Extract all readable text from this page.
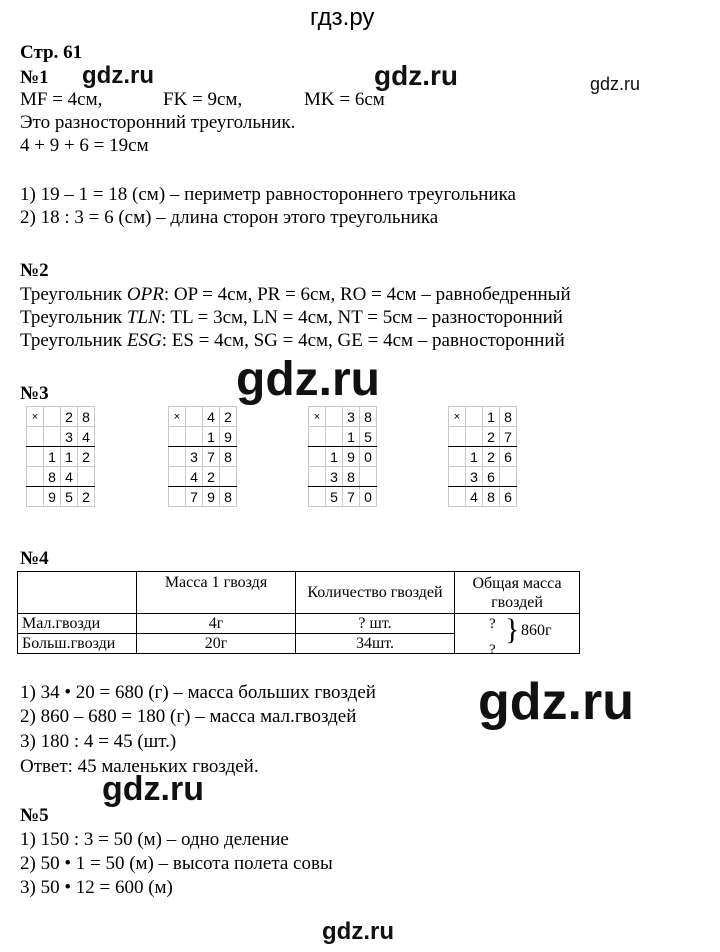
гдз.ру
Стр. 61
№1
MF = 4см,	FK = 9см,	MK = 6см
Это разносторонний треугольник.
4 + 9 + 6 = 19см
1) 19 – 1 = 18 (см) – периметр равностороннего треугольника
2) 18 : 3 = 6 (см) – длина сторон этого треугольника
№2
Треугольник OPR: OP = 4см, PR = 6см, RO = 4см – равнобедренный
Треугольник TLN: TL = 3см, LN = 4см, NT = 5см – разносторонний
Треугольник ESG: ES = 4см, SG = 4см, GE = 4см – равносторонний
№3
×		2	8
		3	4
	1	1	2
	8	4	
	9	5	2
×		4	2
		1	9
	3	7	8
	4	2	
	7	9	8
×		3	8
		1	5
	1	9	0
	3	8	
	5	7	0
×		1	8
		2	7
	1	2	6
	3	6	
	4	8	6
№4
	Масса 1 гвоздя	Количество гвоздей	Общая масса гвоздей
Мал.гвозди	4г	? шт.	? } 860г
?

Больш.гвозди	20г	34шт.	
1) 34 • 20 = 680 (г) – масса больших гвоздей
2) 860 – 680 = 180 (г) – масса мал.гвоздей
3) 180 : 4 = 45 (шт.)
Ответ: 45 маленьких гвоздей.
№5
1) 150 : 3 = 50 (м) – одно деление
2) 50 • 1 = 50 (м) – высота полета совы
3) 50 • 12 = 600 (м)
gdz.ru	gdz.ru	gdz.ru
gdz.ru
gdz.ru
gdz.ru
gdz.ru
